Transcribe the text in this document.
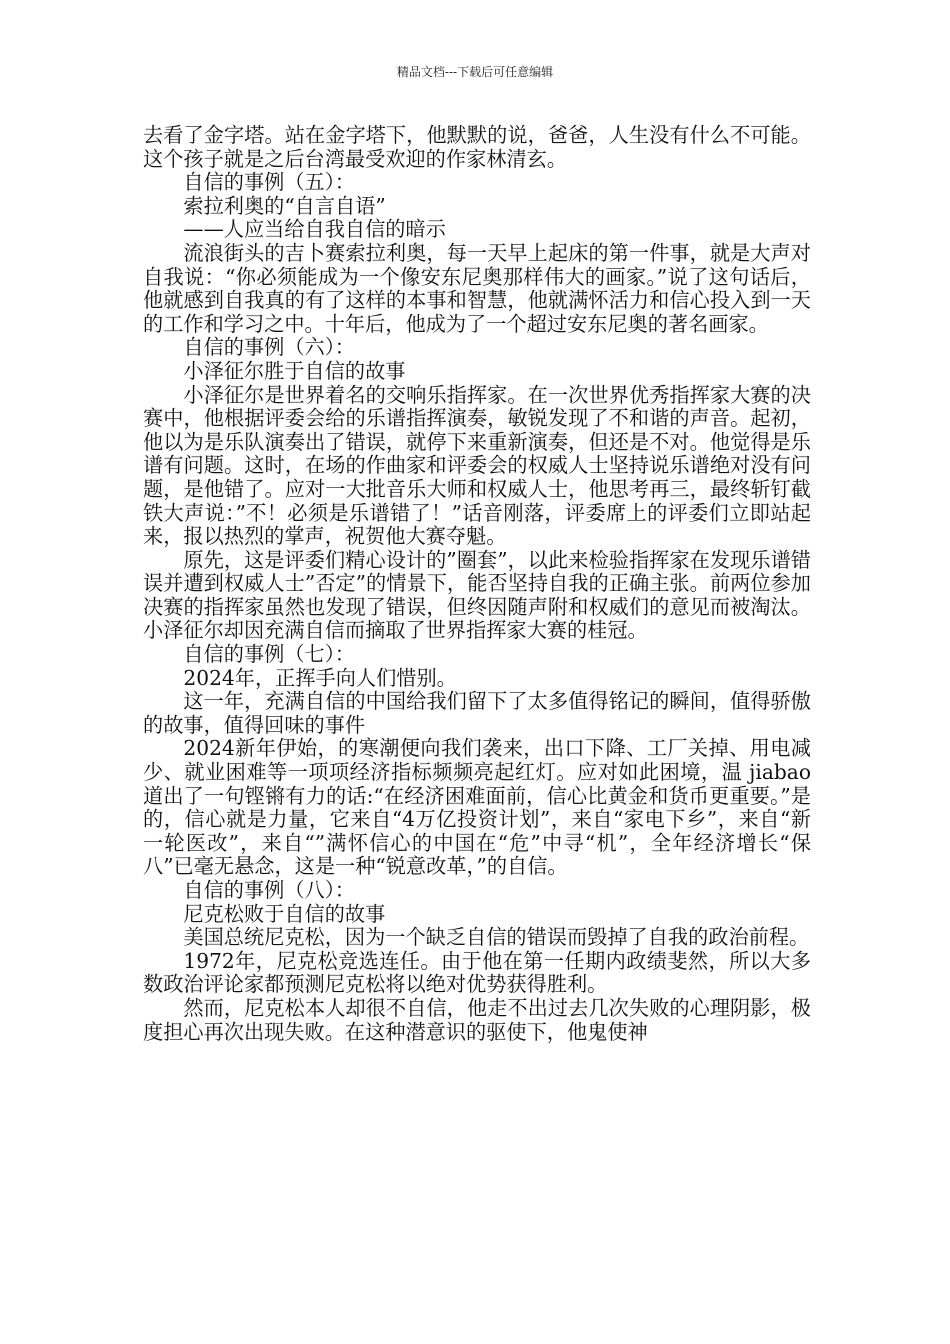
精品文档---下载后可任意编辑

去看了金字塔。站在金字塔下，他默默的说，爸爸，人生没有什么不可能。这个孩子就是之后台湾最受欢迎的作家林清玄。

自信的事例（五）：

索拉利奥的“自言自语”

——人应当给自我自信的暗示

流浪街头的吉卜赛索拉利奥，每一天早上起床的第一件事，就是大声对自我说：“你必须能成为一个像安东尼奥那样伟大的画家。”说了这句话后，他就感到自我真的有了这样的本事和智慧，他就满怀活力和信心投入到一天的工作和学习之中。十年后，他成为了一个超过安东尼奥的著名画家。

自信的事例（六）：

小泽征尔胜于自信的故事

小泽征尔是世界着名的交响乐指挥家。在一次世界优秀指挥家大赛的决赛中，他根据评委会给的乐谱指挥演奏，敏锐发现了不和谐的声音。起初，他以为是乐队演奏出了错误，就停下来重新演奏，但还是不对。他觉得是乐谱有问题。这时，在场的作曲家和评委会的权威人士坚持说乐谱绝对没有问题，是他错了。应对一大批音乐大师和权威人士，他思考再三，最终斩钉截铁大声说：”不！必须是乐谱错了！”话音刚落，评委席上的评委们立即站起来，报以热烈的掌声，祝贺他大赛夺魁。

原先，这是评委们精心设计的”圈套”，以此来检验指挥家在发现乐谱错误并遭到权威人士”否定”的情景下，能否坚持自我的正确主张。前两位参加决赛的指挥家虽然也发现了错误，但终因随声附和权威们的意见而被淘汰。小泽征尔却因充满自信而摘取了世界指挥家大赛的桂冠。

自信的事例（七）：

2024年，正挥手向人们惜别。

这一年，充满自信的中国给我们留下了太多值得铭记的瞬间，值得骄傲的故事，值得回味的事件

2024新年伊始，的寒潮便向我们袭来，出口下降、工厂关掉、用电减少、就业困难等一项项经济指标频频亮起红灯。应对如此困境，温 jiabao 道出了一句铿锵有力的话:“在经济困难面前，信心比黄金和货币更重要。”是的，信心就是力量，它来自“4万亿投资计划”，来自“家电下乡”，来自“新一轮医改”，来自“”满怀信心的中国在“危”中寻“机”，全年经济增长“保八”已毫无悬念，这是一种“锐意改革，”的自信。

自信的事例（八）：

尼克松败于自信的故事

美国总统尼克松，因为一个缺乏自信的错误而毁掉了自我的政治前程。

1972年，尼克松竞选连任。由于他在第一任期内政绩斐然，所以大多数政治评论家都预测尼克松将以绝对优势获得胜利。

然而，尼克松本人却很不自信，他走不出过去几次失败的心理阴影，极度担心再次出现失败。在这种潜意识的驱使下，他鬼使神
